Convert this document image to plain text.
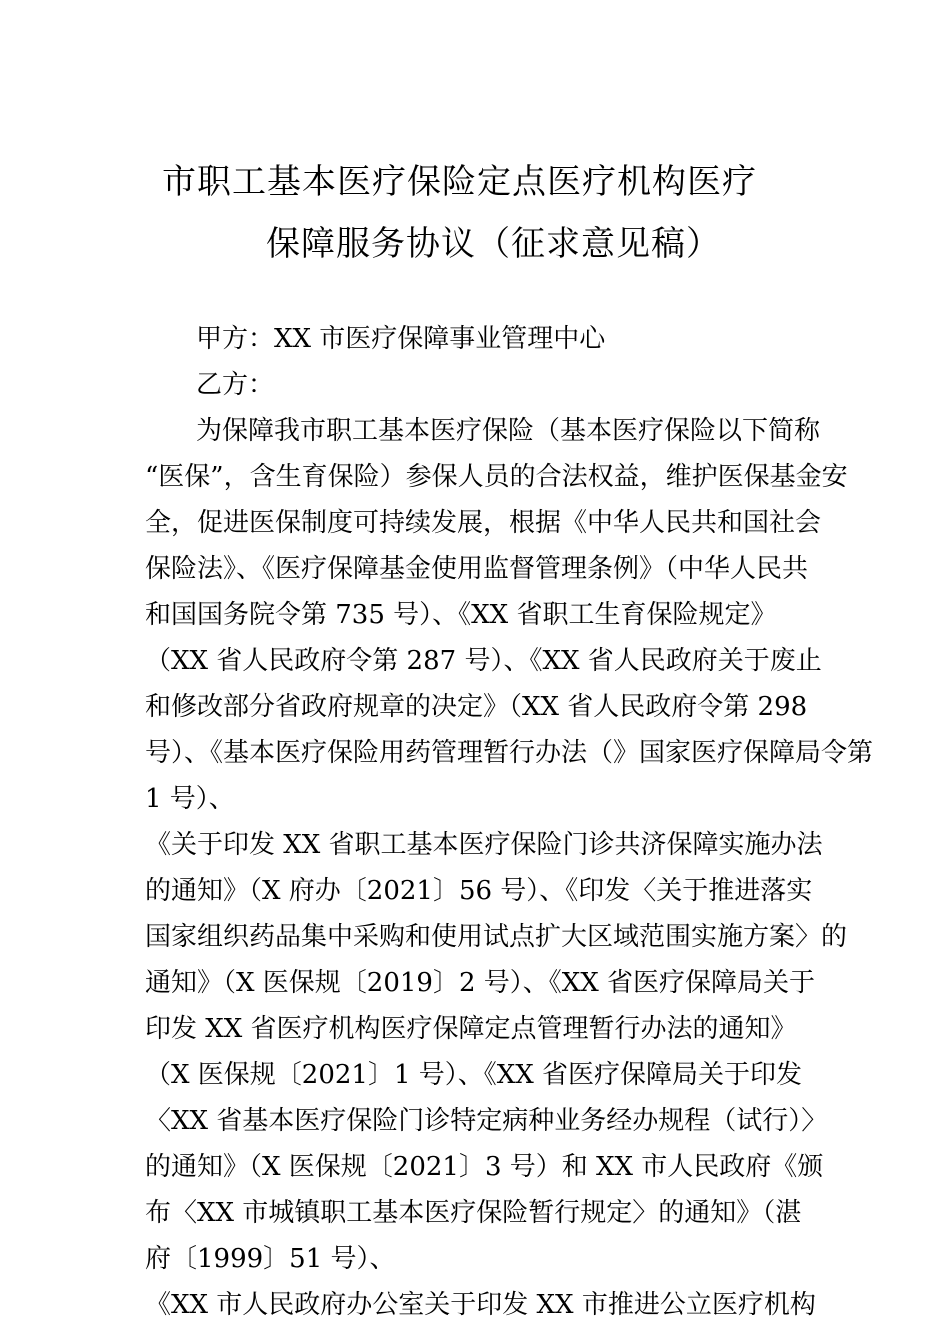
市职工基本医疗保险定点医疗机构医疗
保障服务协议（征求意见稿）
甲方：XX 市医疗保障事业管理中心
乙方：
为保障我市职工基本医疗保险（基本医疗保险以下简称
“医保”，含生育保险）参保人员的合法权益，维护医保基金安
全，促进医保制度可持续发展，根据《中华人民共和国社会
保险法》、《医疗保障基金使用监督管理条例》（中华人民共
和国国务院令第 735 号）、《XX 省职工生育保险规定》
（XX 省人民政府令第 287 号）、《XX 省人民政府关于废止
和修改部分省政府规章的决定》（XX 省人民政府令第 298
号）、《基本医疗保险用药管理暂行办法（》国家医疗保障局令第
1 号）、
《关于印发 XX 省职工基本医疗保险门诊共济保障实施办法
的通知》（X 府办〔2021〕56 号）、《印发〈关于推进落实
国家组织药品集中采购和使用试点扩大区域范围实施方案〉的
通知》（X 医保规〔2019〕2 号）、《XX 省医疗保障局关于
印发 XX 省医疗机构医疗保障定点管理暂行办法的通知》
（X 医保规〔2021〕1 号）、《XX 省医疗保障局关于印发
〈XX 省基本医疗保险门诊特定病种业务经办规程（试行）〉
的通知》（X 医保规〔2021〕3 号）和 XX 市人民政府《颁
布〈XX 市城镇职工基本医疗保险暂行规定〉的通知》（湛
府〔1999〕51 号）、
《XX 市人民政府办公室关于印发 XX 市推进公立医疗机构
